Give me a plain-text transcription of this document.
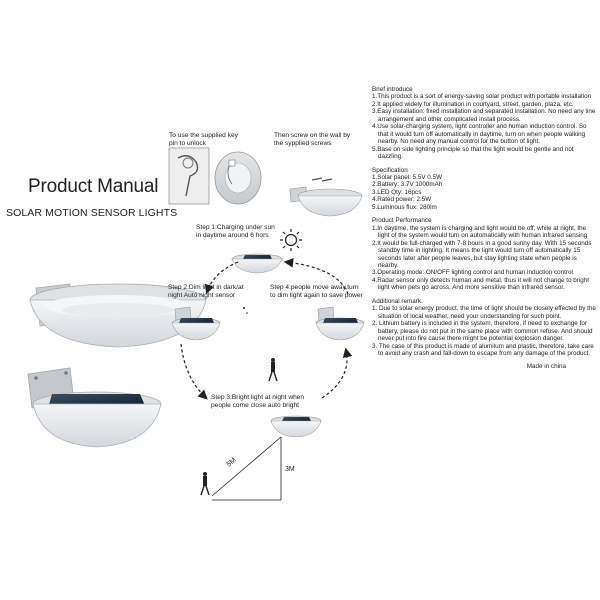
Product Manual
SOLAR MOTION SENSOR LIGHTS
5M
3M
To use the supplied key
pin to unlock
Then screw on the wall by
the sypplied screws
Step 1:Charging under sun
in daytime around 6 hors
Step 2:Dim light in dark/at
night Auto night sensor
Step 4:people move away,turn
to dim light again to save power
Step 3:Bright light at night when
people come close auto bright
Brief introduce
1.This product is a sort of energy-saving solar product with portable installation
2.It applied widely for illumination in courtyard, street, garden, plaza, etc.
3.Easy installation: fixed installation and separated installation. No need any line arrangement and other complicated install process.
4.Use solar-charging system, light controller and human induction control. So that it would turn off automatically in daytime, turn on when people walking nearby. No need any manual control for the button of light.
5.Base on side lighting principle so that the light would be gentle and not dazzling.
Specification
1.Solar panel: 5.5V 0.5W
2.Battery: 3.7V 1000mAh
3.LED Qty: 16pcs
4.Rated power: 2.5W
5.Luminous flux: 280lm
Product Performance
1.In daytime, the system is charging and light would be off; while at night, the light of the system would turn on automatically with human infrared sensing
2.It would be full-charged with 7-8 hours in a good sunny day. With 15 seconds standby time in lighting. It means the light would turn off automatically 15 seconds later after people leaves, but stay lighting state when people is nearby.
3.Operating mode: ON/OFF lighting control and human induction control.
4.Radar sensor only detects human and metal, thus it will not change to bright light when pets go across. And more sensitive than infrared sensor.
Additional remark.
1. Due to solar energy product, the time of light should be closely effected by the situation of local weather, need your understanding for such point.
2. Lithium battery is included in the system, therefore, if need to exchange for battery, please do not put in the same place with common refuse. And should never put into fire cause there might be potential explosion danger.
3. The case of this product is made of alumilum and plastic, therefore, take care to avoid any crash and fall-down to escape from any damage of the product.
Made in china
